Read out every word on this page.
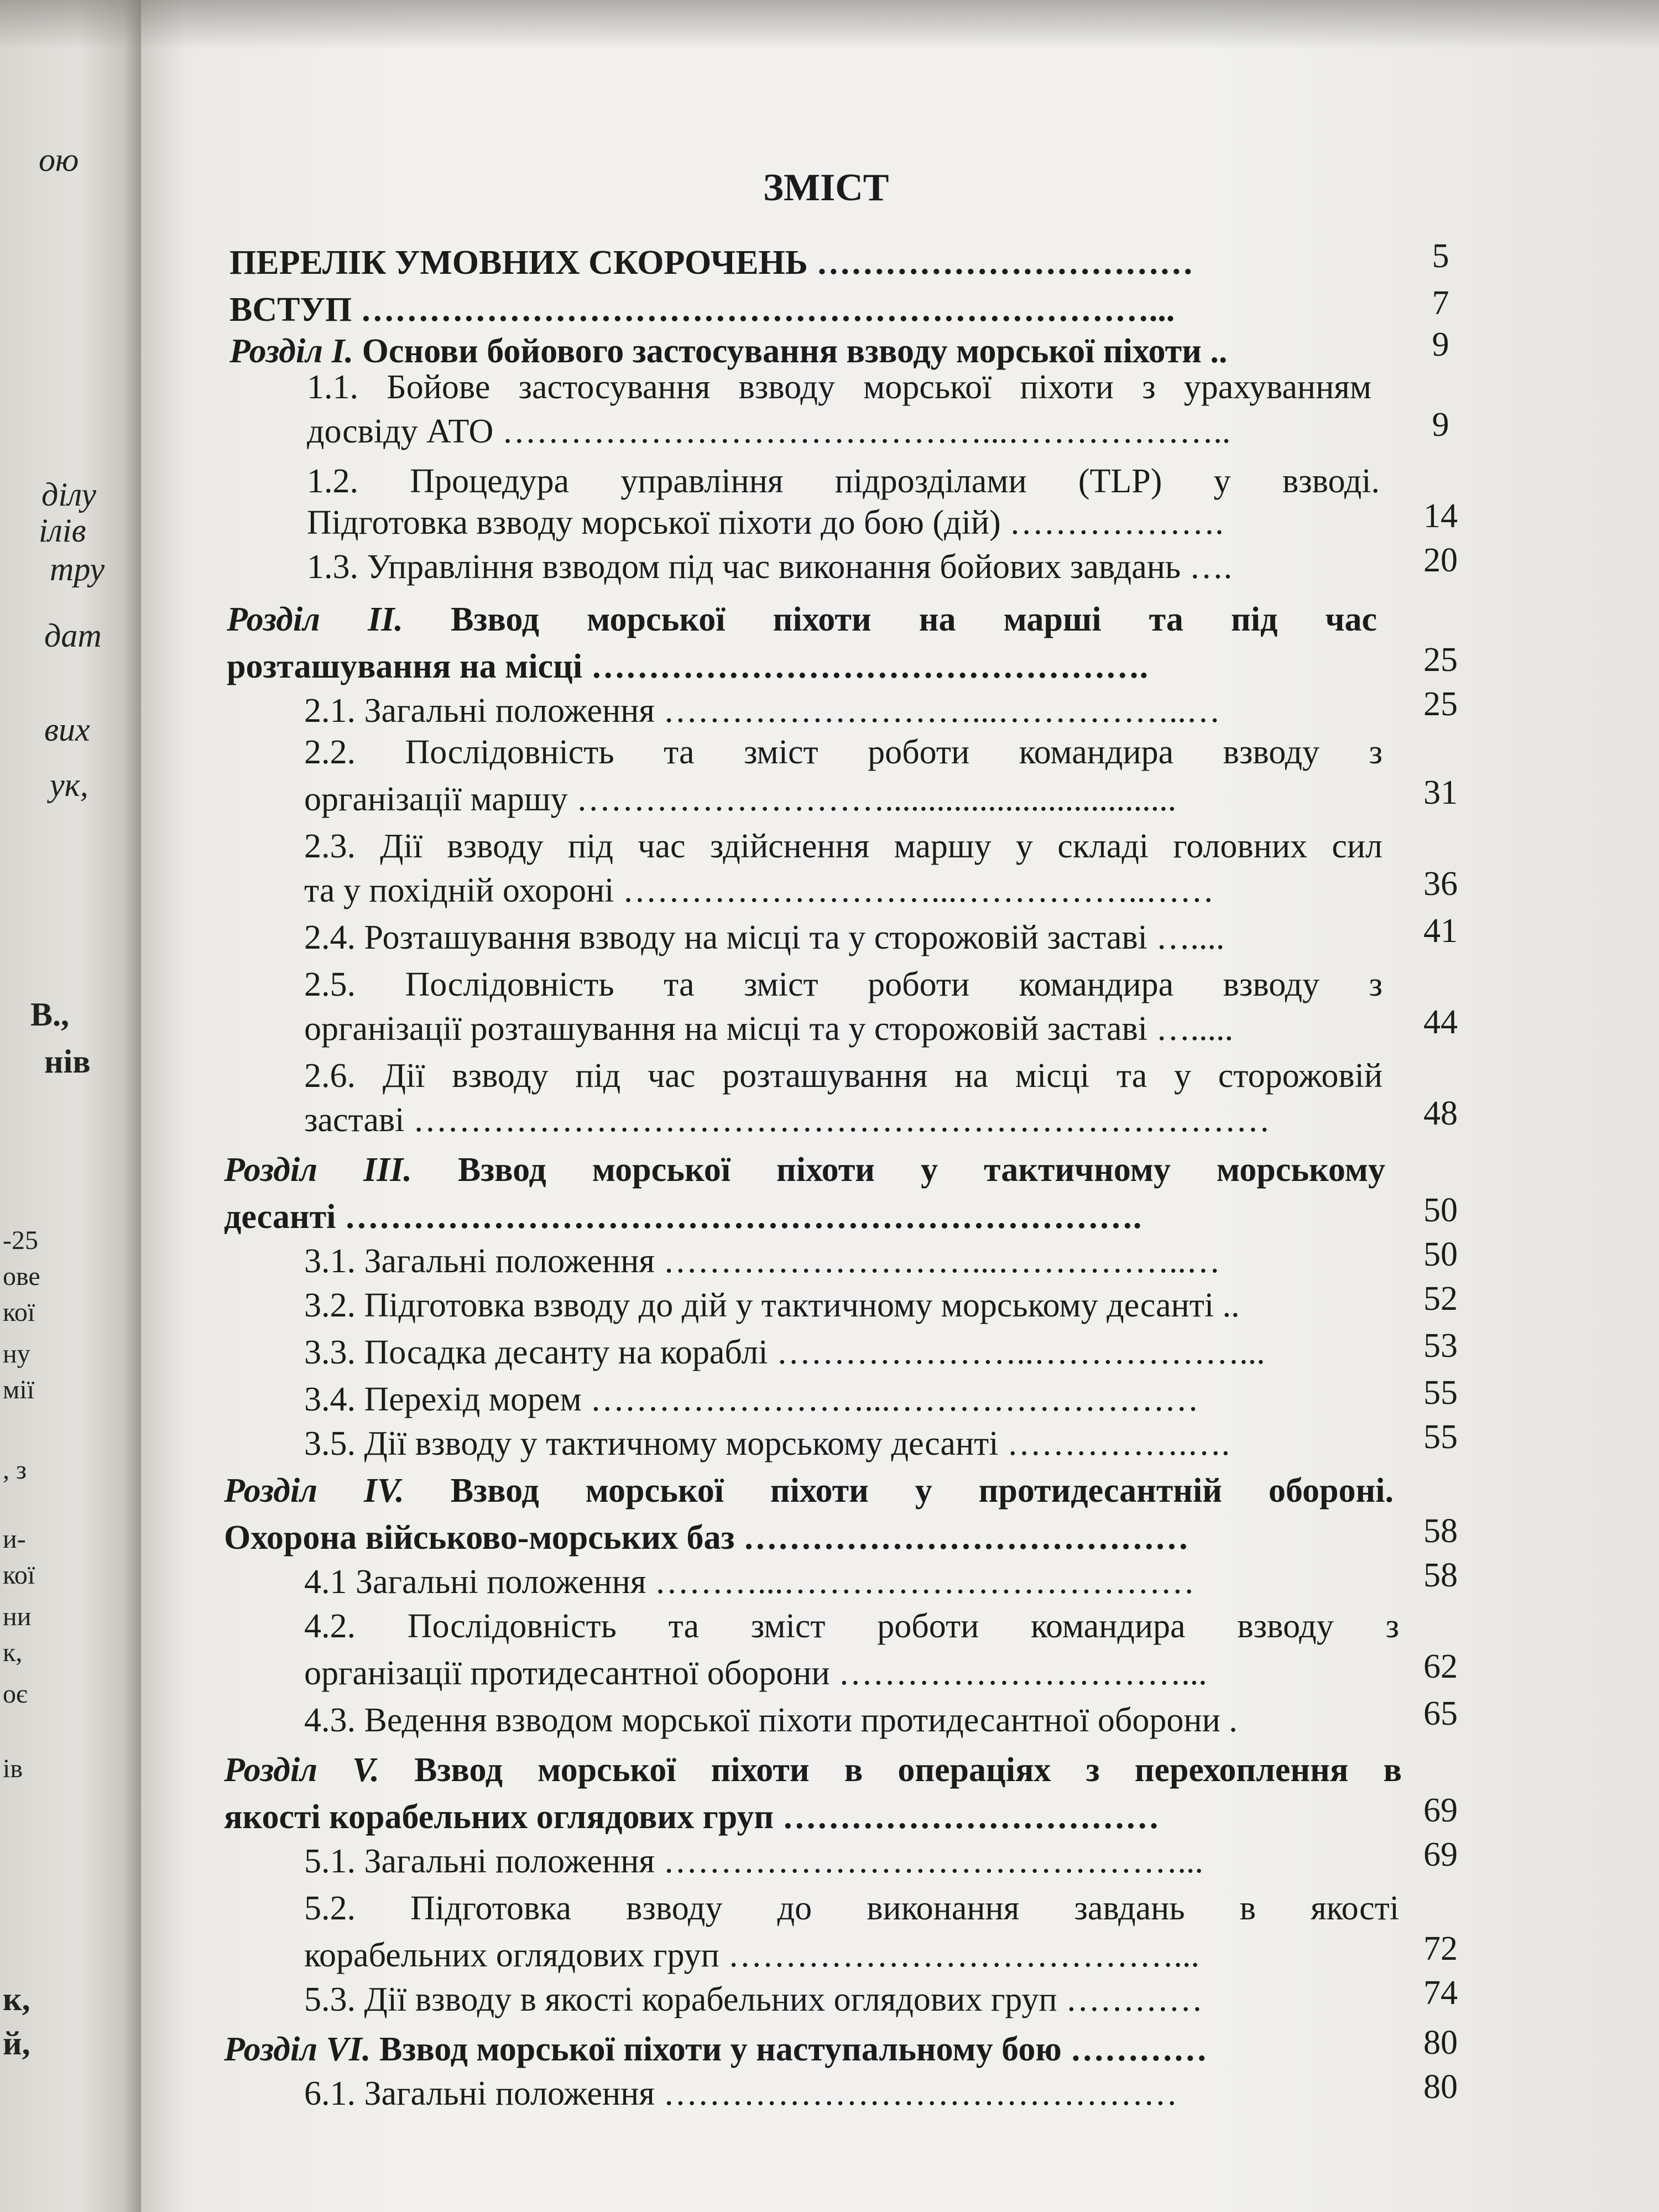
ою
ділу
ілів
тру
дат
вих
ук,
В.,
нів
-25
ове
кої
ну
мії
, з
и-
кої
ни
к,
оє
ів
к,
й,
ЗМІСТ
ПЕРЕЛІК УМОВНИХ СКОРОЧЕНЬ ……………………………	5
ВСТУП ……………………………………………………………...	7
Розділ І. Основи бойового застосування взводу морської піхоти ..	9
1.1. Бойове застосування взводу морської піхоти з урахуванням
досвіду АТО ……………………………………...………………..	9
1.2. Процедура управління підрозділами (TLP) у взводі.
Підготовка взводу морської піхоти до бою (дій) ……………….	14
1.3. Управління взводом під час виконання бойових завдань ….	20
Розділ ІІ. Взвод морської піхоти на марші та під час
розташування на місці ………………………………………….	25
2.1. Загальні положення ………………………...……………..…	25
2.2. Послідовність та зміст роботи командира взводу з
організації маршу ………………………..................................	31
2.3. Дії взводу під час здійснення маршу у складі головних сил
та у похідній охороні ………………………...……………..……	36
2.4. Розташування взводу на місці та у сторожовій заставі …....	41
2.5. Послідовність та зміст роботи командира взводу з
організації розташування на місці та у сторожовій заставі ….....	44
2.6. Дії взводу під час розташування на місці та у сторожовій
заставі …………………………………………………………………	48
Розділ ІІІ. Взвод морської піхоти у тактичному морському
десанті …………………………………………………………….	50
3.1. Загальні положення ………………………...……………..…	50
3.2. Підготовка взводу до дій у тактичному морському десанті ..	52
3.3. Посадка десанту на кораблі …………………..………………...	53
3.4. Перехід морем ……………………...………………………	55
3.5. Дії взводу у тактичному морському десанті …………….….	55
Розділ ІV. Взвод морської піхоти у протидесантній обороні.
Охорона військово-морських баз …………………………………	58
4.1 Загальні положення ………...………………………………	58
4.2. Послідовність та зміст роботи командира взводу з
організації протидесантної оборони …………………………...	62
4.3. Ведення взводом морської піхоти протидесантної оборони .	65
Розділ V. Взвод морської піхоти в операціях з перехоплення в
якості корабельних оглядових груп ……………………………	69
5.1. Загальні положення ………………………………………...	69
5.2. Підготовка взводу до виконання завдань в якості
корабельних оглядових груп …………………………………...	72
5.3. Дії взводу в якості корабельних оглядових груп …………	74
Розділ VІ. Взвод морської піхоти у наступальному бою …………	80
6.1. Загальні положення ………………………………………	80
